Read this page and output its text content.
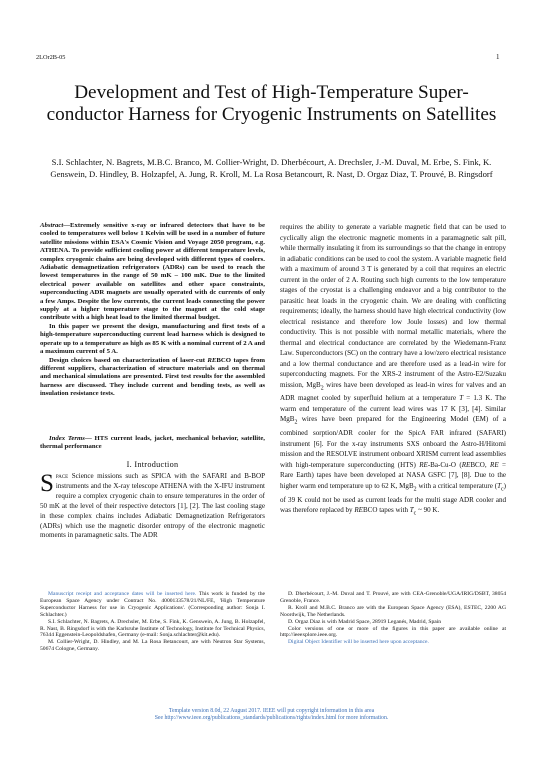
2LOr2B-05	1
Development and Test of High-Temperature Super-conductor Harness for Cryogenic Instruments on Satellites
S.I. Schlachter, N. Bagrets, M.B.C. Branco, M. Collier-Wright, D. Dherbécourt, A. Drechsler, J.-M. Duval, M. Erbe, S. Fink, K. Genswein, D. Hindley, B. Holzapfel, A. Jung, R. Kroll, M. La Rosa Betancourt, R. Nast, D. Orgaz Diaz, T. Prouvé, B. Ringsdorf

Abstract—Extremely sensitive x-ray or infrared detectors that have to be cooled to temperatures well below 1 Kelvin will be used in a number of future satellite missions within ESA's Cosmic Vision and Voyage 2050 program, e.g. ATHENA. To provide sufficient cooling power at different temperature levels, complex cryogenic chains are being developed with different types of coolers. Adiabatic demagnetization refrigerators (ADRs) can be used to reach the lowest temperatures in the range of 50 mK – 100 mK. Due to the limited electrical power available on satellites and other space constraints, superconducting ADR magnets are usually operated with dc currents of only a few Amps. Despite the low currents, the current leads connecting the power supply at a higher temperature stage to the magnet at the cold stage contribute with a high heat load to the limited thermal budget.

In this paper we present the design, manufacturing and first tests of a high-temperature superconducting current lead harness which is designed to operate up to a temperature as high as 85 K with a nominal current of 2 A and a maximum current of 5 A.

Design choices based on characterization of laser-cut REBCO tapes from different suppliers, characterization of structure materials and on thermal and mechanical simulations are presented. First test results for the assembled harness are discussed. They include current and bending tests, as well as insulation resistance tests.

Index Terms— HTS current leads, jacket, mechanical behavior, satellite, thermal performance
I. Introduction
Space Science missions such as SPICA with the SAFARI and B-BOP instruments and the X-ray telescope ATHENA with the X-IFU instrument require a complex cryogenic chain to ensure temperatures in the order of 50 mK at the level of their respective detectors [1], [2]. The last cooling stage in these complex chains includes Adiabatic Demagnetization Refrigerators (ADRs) which use the magnetic disorder entropy of the electronic magnetic moments in paramagnetic salts. The ADR
requires the ability to generate a variable magnetic field that can be used to cyclically align the electronic magnetic moments in a paramagnetic salt pill, while thermally insulating it from its surroundings so that the change in entropy in adiabatic conditions can be used to cool the system. A variable magnetic field with a maximum of around 3 T is generated by a coil that requires an electric current in the order of 2 A. Routing such high currents to the low temperature stages of the cryostat is a challenging endeavor and a big contributor to the parasitic heat loads in the cryogenic chain. We are dealing with conflicting requirements; ideally, the harness should have high electrical conductivity (low electrical resistance and therefore low Joule losses) and low thermal conductivity. This is not possible with normal metallic materials, where the thermal and electrical conductance are correlated by the Wiedemann-Franz Law. Superconductors (SC) on the contrary have a low/zero electrical resistance and a low thermal conductance and are therefore used as a lead-in wire for superconducting magnets. For the XRS-2 instrument of the Astro-E2/Suzaku mission, MgB$_2$ wires have been developed as lead-in wires for valves and an ADR magnet cooled by superfluid helium at a temperature T = 1.3 K. The warm end temperature of the current lead wires was 17 K [3], [4]. Similar MgB$_2$ wires have been prepared for the Engineering Model (EM) of a combined sorption/ADR cooler for the SpicA FAR infrared (SAFARI) instrument [6]. For the x-ray instruments SXS onboard the Astro-H/Hitomi mission and the RESOLVE instrument onboard XRISM current lead assemblies with high-temperature superconducting (HTS) RE-Ba-Cu-O (REBCO, RE = Rare Earth) tapes have been developed at NASA GSFC [7], [8]. Due to the higher warm end temperature up to 62 K, MgB$_2$ with a critical temperature $(T_c)$ of 39 K could not be used as current leads for the multi stage ADR cooler and was therefore replaced by REBCO tapes with $T_c$ ~ 90 K.

Manuscript receipt and acceptance dates will be inserted here. This work is funded by the European Space Agency under Contract No. 4000133578/21/NL/FE, 'High Temperature Superconductor Harness for use in Cryogenic Applications'. (Corresponding author: Sonja I. Schlachter.)

S.I. Schlachter, N. Bagrets, A. Drechsler, M. Erbe, S. Fink, K. Genswein, A. Jung, B. Holzapfel, R. Nast, B. Ringsdorf is with the Karlsruhe Institute of Technology, Institute for Technical Physics, 76344 Eggenstein-Leopoldshafen, Germany (e-mail: Sonja.schlachter@kit.edu).

M. Collier-Wright, D. Hindley, and M. La Rosa Betancourt, are with Neutron Star Systems, 50674 Cologne, Germany.

D. Dherbécourt, J.-M. Duval and T. Prouvé, are with CEA-Grenoble/UGA/IRIG/DSBT, 38054 Grenoble, France.

R. Kroll and M.B.C. Branco are with the European Space Agency (ESA), ESTEC, 2200 AG Noordwijk, The Netherlands.

D. Orgaz Diaz is with Madrid Space, 28919 Leganés, Madrid, Spain

Color versions of one or more of the figures in this paper are available online at http://ieeexplore.ieee.org.

Digital Object Identifier will be inserted here upon acceptance.

Template version 8.0d, 22 August 2017. IEEE will put copyright information in this area
See http://www.ieee.org/publications_standards/publications/rights/index.html for more information.
